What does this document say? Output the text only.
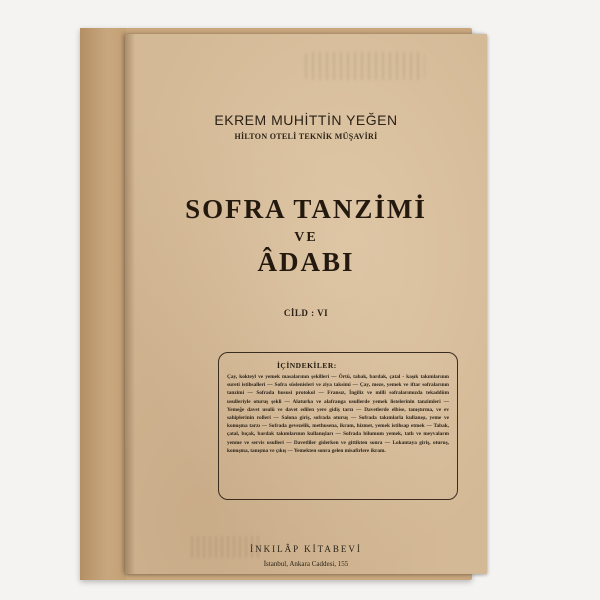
EKREM MUHİTTİN YEĞEN
HİLTON OTELİ TEKNİK MÜŞAVİRİ
SOFRA TANZİMİ
VE
ÂDABI
CİLD : VI
İÇİNDEKİLER:
Çay, kokteyl ve yemek masalarının şekilleri — Örtü, tabak, bardak, çatal - kaşık takımlarının sureti istihsalleri — Sofra süslenisleri ve ziya taksimi — Çay, meze, yemek ve iftar sofralarının tanzimi — Sofrada hususi protokol — Fransız, İngiliz ve milli sofralarımızda tekaddüm usulleriyle oturuş şekli — Alaturka ve alafranga usullerde yemek listelerinin tanzimleri — Yemeğe davet usulü ve davet edilen yere gidiş tarzı — Davetlerde elbise, tanıştırma, ve ev sahiplerinin rolleri — Salona giriş, sofrada oturuş — Sofrada takımlarla kullanışı, yeme ve konuşma tarzı — Sofrada gevezelik, methusena, ikram, hizmet, yemek istihsap etmek — Tabak, çatal, bıçak, bardak takımlarının kullanışları — Sofrada bilumum yemek, tatlı ve meyvaların yenme ve servis usulleri — Davetliler giderken ve gittikten sonra — Lokantaya giriş, oturuş, konuşma, tanışma ve çıkış — Yemekten sonra gelen misafirlere ikram.
İNKILÂP KİTABEVİ
İstanbul, Ankara Caddesi, 155
